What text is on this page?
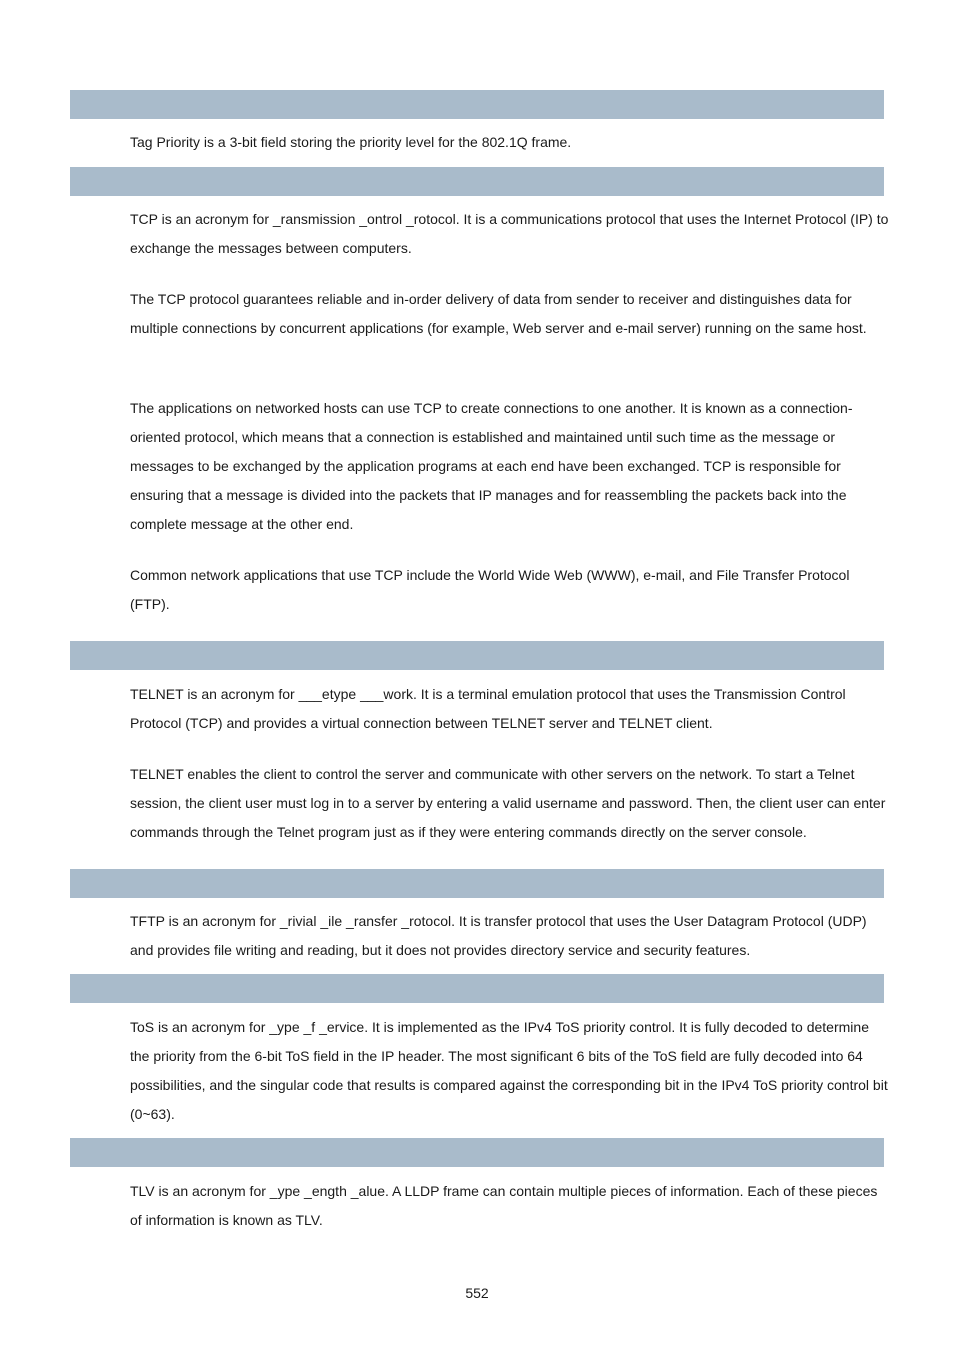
Tag Priority is a 3-bit field storing the priority level for the 802.1Q frame.

TCP is an acronym for _ransmission _ontrol _rotocol. It is a communications protocol that uses the Internet Protocol (IP) to exchange the messages between computers.

The TCP protocol guarantees reliable and in-order delivery of data from sender to receiver and distinguishes data for multiple connections by concurrent applications (for example, Web server and e-mail server) running on the same host.

The applications on networked hosts can use TCP to create connections to one another. It is known as a connection-oriented protocol, which means that a connection is established and maintained until such time as the message or messages to be exchanged by the application programs at each end have been exchanged. TCP is responsible for ensuring that a message is divided into the packets that IP manages and for reassembling the packets back into the complete message at the other end.

Common network applications that use TCP include the World Wide Web (WWW), e-mail, and File Transfer Protocol (FTP).

TELNET is an acronym for ___etype ___work. It is a terminal emulation protocol that uses the Transmission Control Protocol (TCP) and provides a virtual connection between TELNET server and TELNET client.

TELNET enables the client to control the server and communicate with other servers on the network. To start a Telnet session, the client user must log in to a server by entering a valid username and password. Then, the client user can enter commands through the Telnet program just as if they were entering commands directly on the server console.

TFTP is an acronym for _rivial _ile _ransfer _rotocol. It is transfer protocol that uses the User Datagram Protocol (UDP) and provides file writing and reading, but it does not provides directory service and security features.

ToS is an acronym for _ype _f _ervice. It is implemented as the IPv4 ToS priority control. It is fully decoded to determine the priority from the 6-bit ToS field in the IP header. The most significant 6 bits of the ToS field are fully decoded into 64 possibilities, and the singular code that results is compared against the corresponding bit in the IPv4 ToS priority control bit (0~63).

TLV is an acronym for _ype _ength _alue. A LLDP frame can contain multiple pieces of information. Each of these pieces of information is known as TLV.

552
